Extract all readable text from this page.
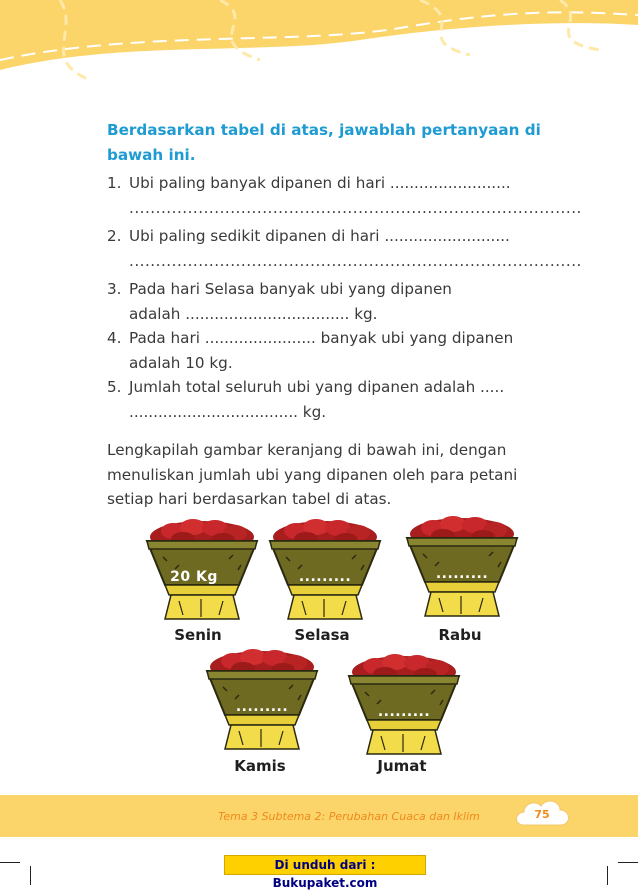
Berdasarkan tabel di atas, jawablah pertanyaan di bawah ini.
1. Ubi paling banyak dipanen di hari .........................
.....................................................................................
2. Ubi paling sedikit dipanen di hari ..........................
.....................................................................................
3. Pada hari Selasa banyak ubi yang dipanen
adalah .................................. kg.
4. Pada hari ....................... banyak ubi yang dipanen
adalah 10 kg.
5. Jumlah total seluruh ubi yang dipanen adalah .....
................................... kg.
Lengkapilah gambar keranjang di bawah ini, dengan menuliskan jumlah ubi yang dipanen oleh para petani setiap hari berdasarkan tabel di atas.
20 Kg
Senin
.........
Selasa
.........
Rabu
.........
Kamis
.........
Jumat
Tema 3 Subtema 2: Perubahan Cuaca dan Iklim	75
Di unduh dari : Bukupaket.com
